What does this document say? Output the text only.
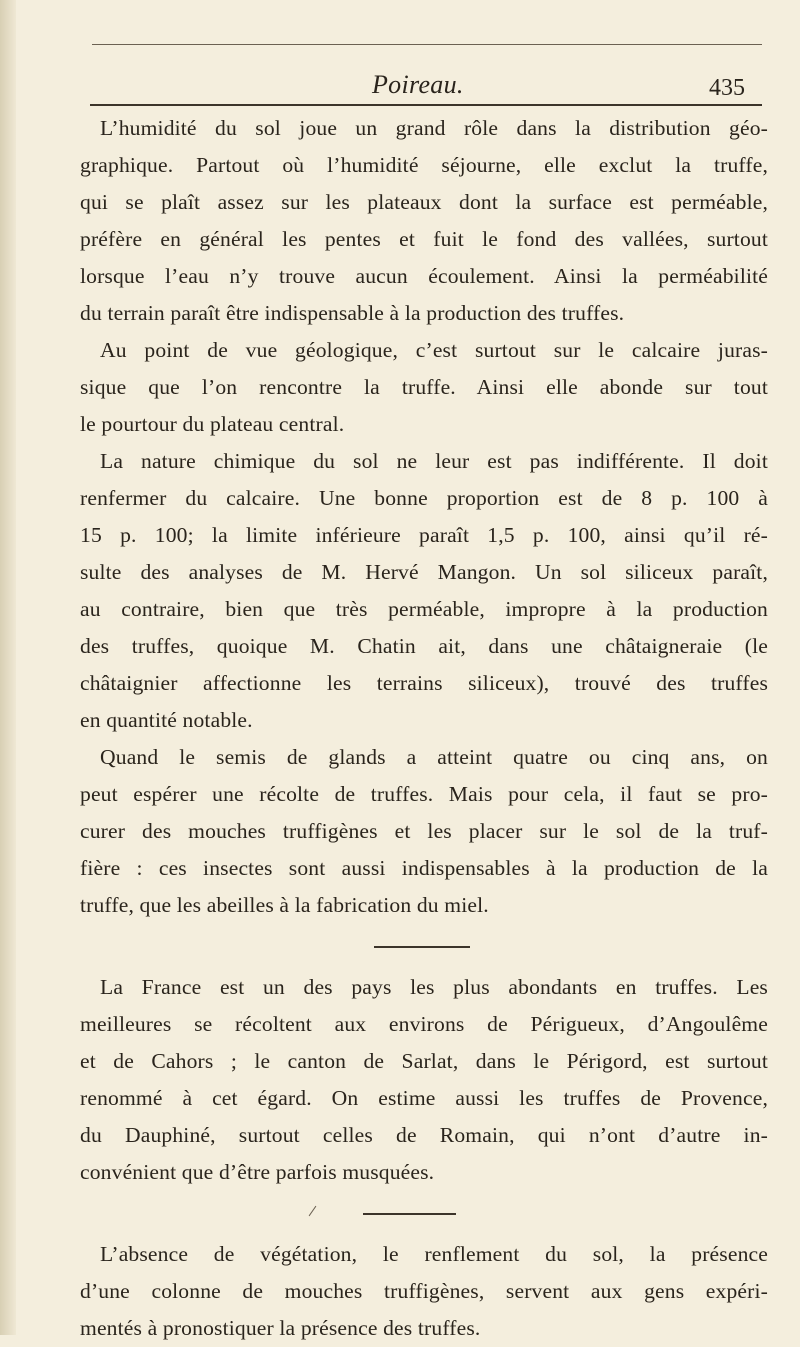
Poireau.	435
L’humidité du sol joue un grand rôle dans la distribution géo-
graphique. Partout où l’humidité séjourne, elle exclut la truffe,
qui se plaît assez sur les plateaux dont la surface est perméable,
préfère en général les pentes et fuit le fond des vallées, surtout
lorsque l’eau n’y trouve aucun écoulement. Ainsi la perméabilité
du terrain paraît être indispensable à la production des truffes.
Au point de vue géologique, c’est surtout sur le calcaire juras-
sique que l’on rencontre la truffe. Ainsi elle abonde sur tout
le pourtour du plateau central.
La nature chimique du sol ne leur est pas indifférente. Il doit
renfermer du calcaire. Une bonne proportion est de 8 p. 100 à
15 p. 100; la limite inférieure paraît 1,5 p. 100, ainsi qu’il ré-
sulte des analyses de M. Hervé Mangon. Un sol siliceux paraît,
au contraire, bien que très perméable, impropre à la production
des truffes, quoique M. Chatin ait, dans une châtaigneraie (le
châtaignier affectionne les terrains siliceux), trouvé des truffes
en quantité notable.
Quand le semis de glands a atteint quatre ou cinq ans, on
peut espérer une récolte de truffes. Mais pour cela, il faut se pro-
curer des mouches truffigènes et les placer sur le sol de la truf-
fière : ces insectes sont aussi indispensables à la production de la
truffe, que les abeilles à la fabrication du miel.
La France est un des pays les plus abondants en truffes. Les
meilleures se récoltent aux environs de Périgueux, d’Angoulême
et de Cahors ; le canton de Sarlat, dans le Périgord, est surtout
renommé à cet égard. On estime aussi les truffes de Provence,
du Dauphiné, surtout celles de Romain, qui n’ont d’autre in-
convénient que d’être parfois musquées.
L’absence de végétation, le renflement du sol, la présence
d’une colonne de mouches truffigènes, servent aux gens expéri-
mentés à pronostiquer la présence des truffes.
